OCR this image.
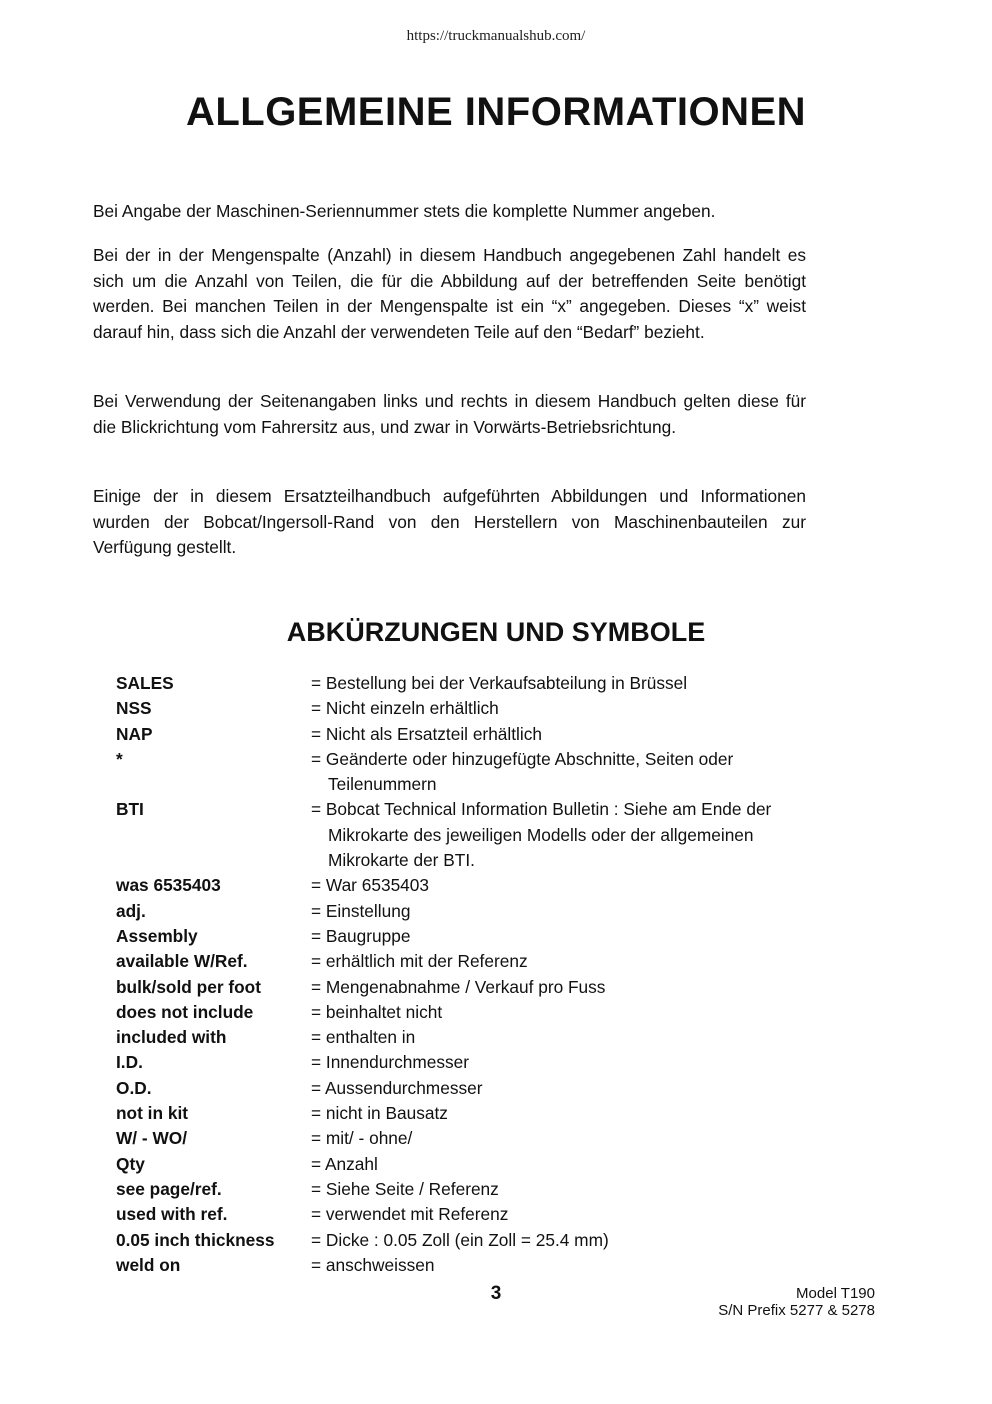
https://truckmanualshub.com/
ALLGEMEINE INFORMATIONEN

Bei Angabe der Maschinen-Seriennummer stets die komplette Nummer angeben.

Bei der in der Mengenspalte (Anzahl) in diesem Handbuch angegebenen Zahl handelt es sich um die Anzahl von Teilen, die für die Abbildung auf der betreffenden Seite benötigt werden. Bei manchen Teilen in der Mengenspalte ist ein “x” angegeben. Dieses “x” weist darauf hin, dass sich die Anzahl der verwendeten Teile auf den “Bedarf” bezieht.

Bei Verwendung der Seitenangaben links und rechts in diesem Handbuch gelten diese für die Blickrichtung vom Fahrersitz aus, und zwar in Vorwärts-Betriebsrichtung.

Einige der in diesem Ersatzteilhandbuch aufgeführten Abbildungen und Informationen wurden der Bobcat/Ingersoll-Rand von den Herstellern von Maschinenbauteilen zur Verfügung gestellt.

ABKÜRZUNGEN UND SYMBOLE
SALES	= Bestellung bei der Verkaufsabteilung in Brüssel
NSS	= Nicht einzeln erhältlich
NAP	= Nicht als Ersatzteil erhältlich
*	= Geänderte oder hinzugefügte Abschnitte, Seiten oder Teilenummern
BTI	= Bobcat Technical Information Bulletin : Siehe am Ende der Mikrokarte des jeweiligen Modells oder der allgemeinen Mikrokarte der BTI.
was 6535403	= War 6535403
adj.	= Einstellung
Assembly	= Baugruppe
available W/Ref.	= erhältlich mit der Referenz
bulk/sold per foot	= Mengenabnahme / Verkauf pro Fuss
does not include	= beinhaltet nicht
included with	= enthalten in
I.D.	= Innendurchmesser
O.D.	= Aussendurchmesser
not in kit	= nicht in Bausatz
W/ - WO/	= mit/ - ohne/
Qty	= Anzahl
see page/ref.	= Siehe Seite / Referenz
used with ref.	= verwendet mit Referenz
0.05 inch thickness	= Dicke : 0.05 Zoll (ein Zoll = 25.4 mm)
weld on	= anschweissen
3	Model T190
S/N Prefix 5277 & 5278
